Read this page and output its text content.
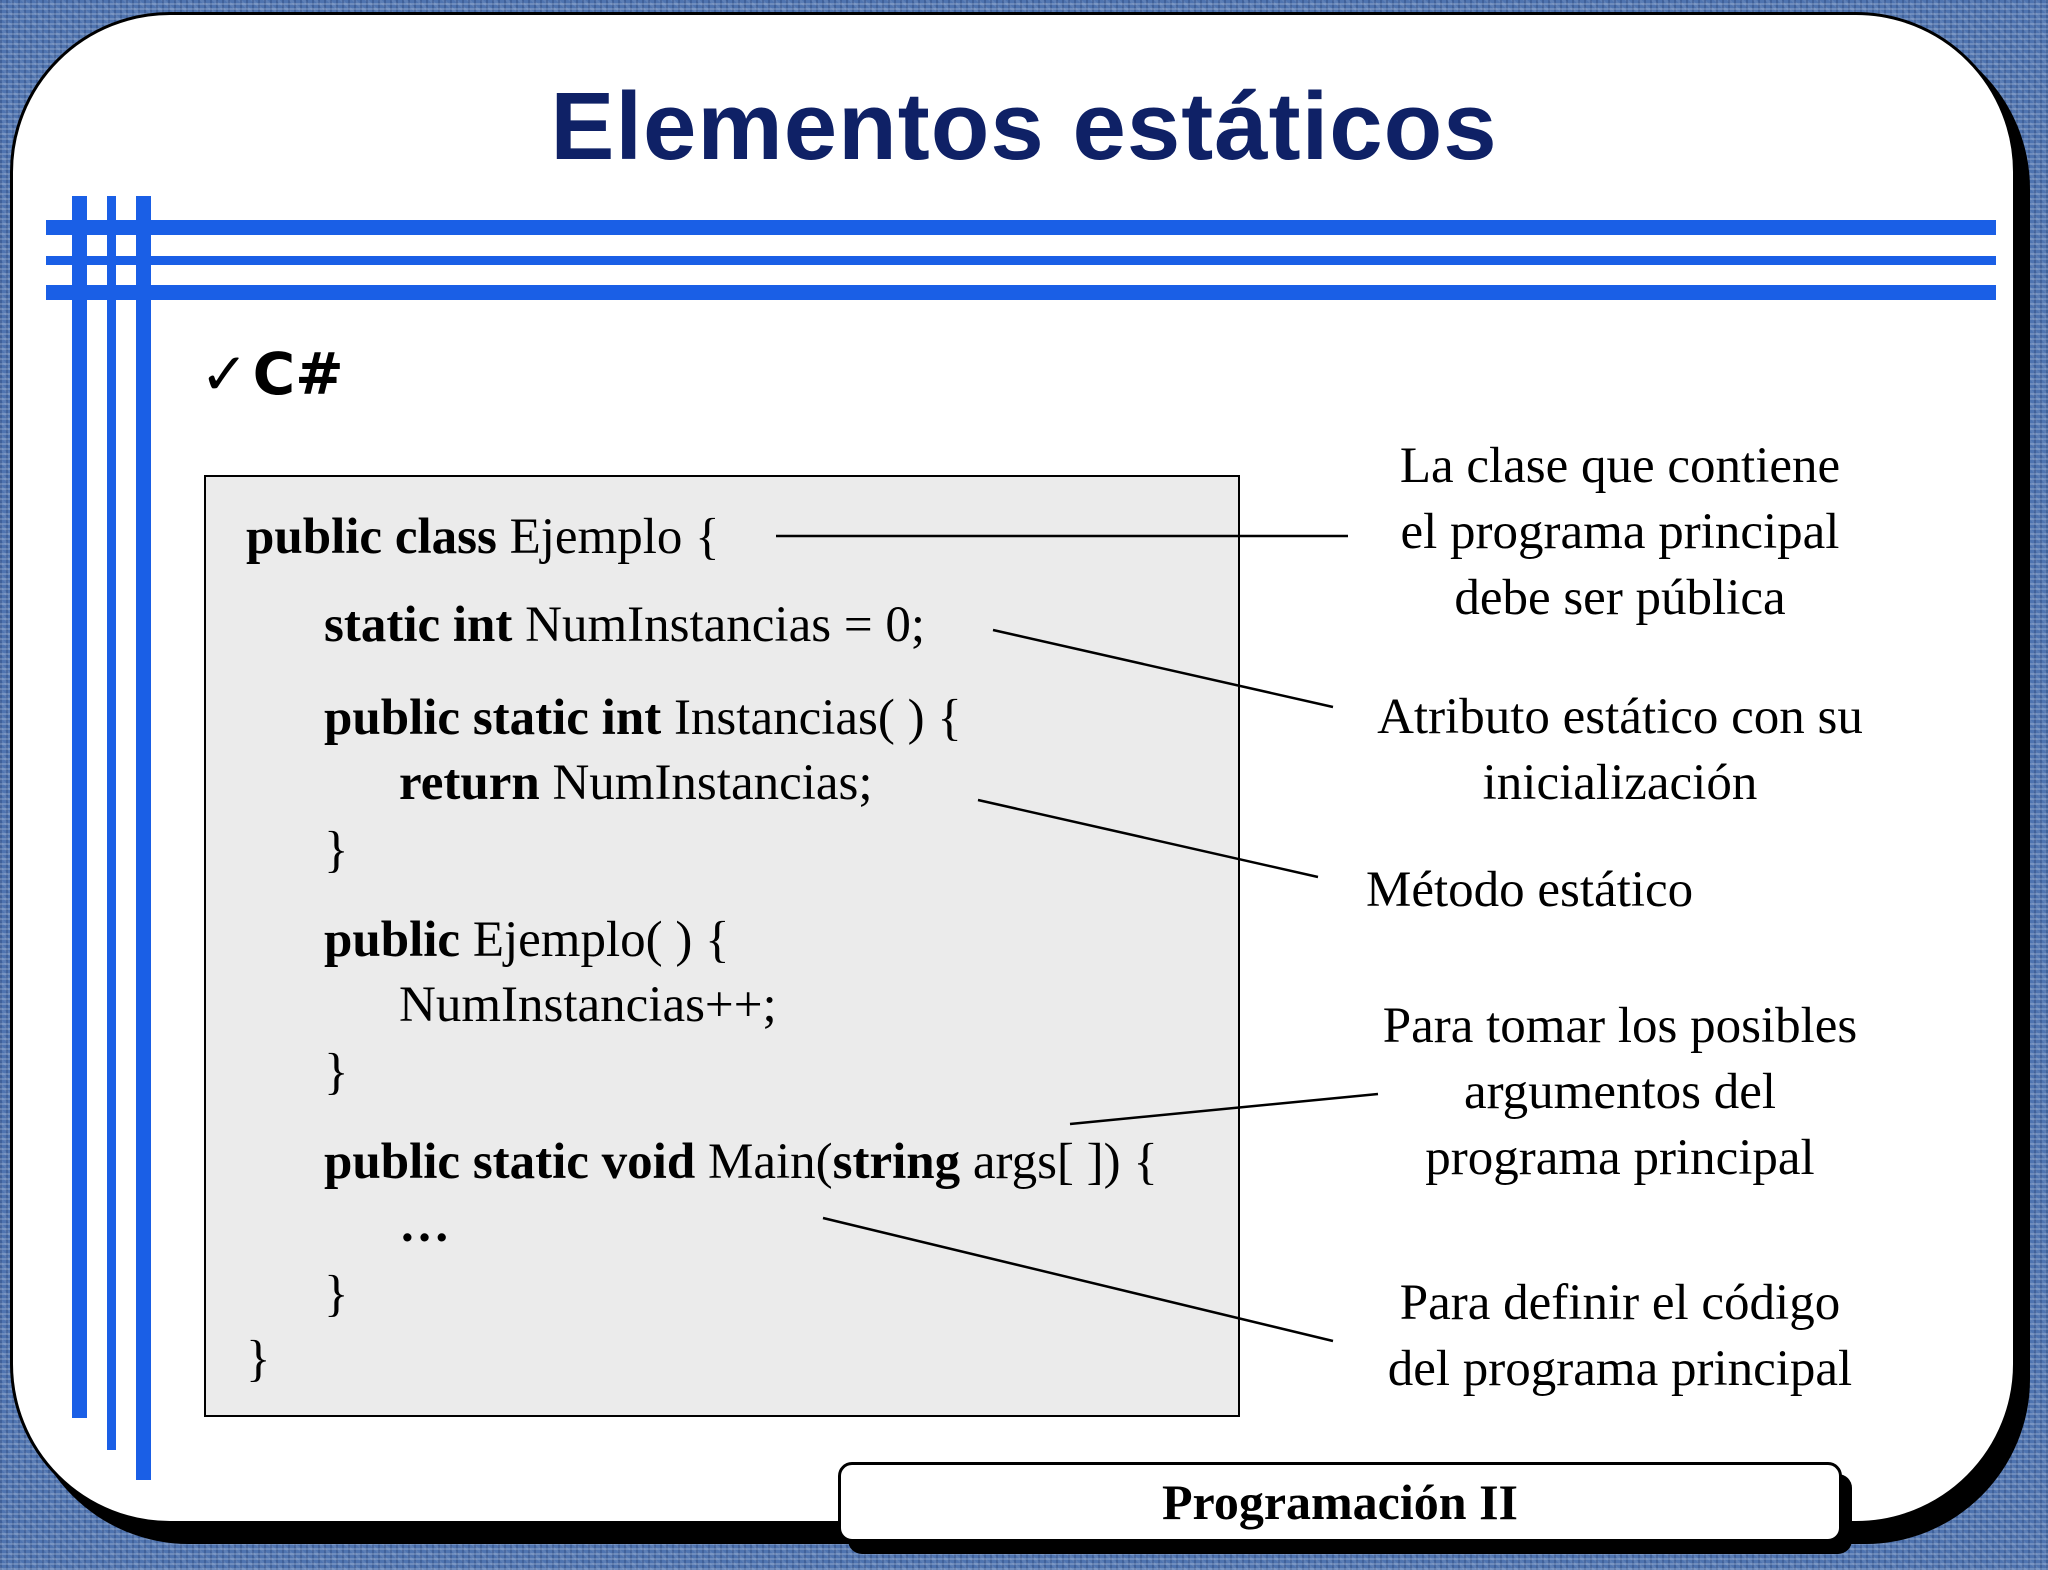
Elementos estáticos
✓C#
public class Ejemplo {
static int NumInstancias = 0;
public static int Instancias( ) {
return NumInstancias;
}
public Ejemplo( ) {
NumInstancias++;
}
public static void Main(string args[ ]) {
…
}
}
La clase que contiene
el programa principal
debe ser pública
Atributo estático con su
inicialización
Método estático
Para tomar los posibles
argumentos del
programa principal
Para definir el código
del programa principal
Programación II
